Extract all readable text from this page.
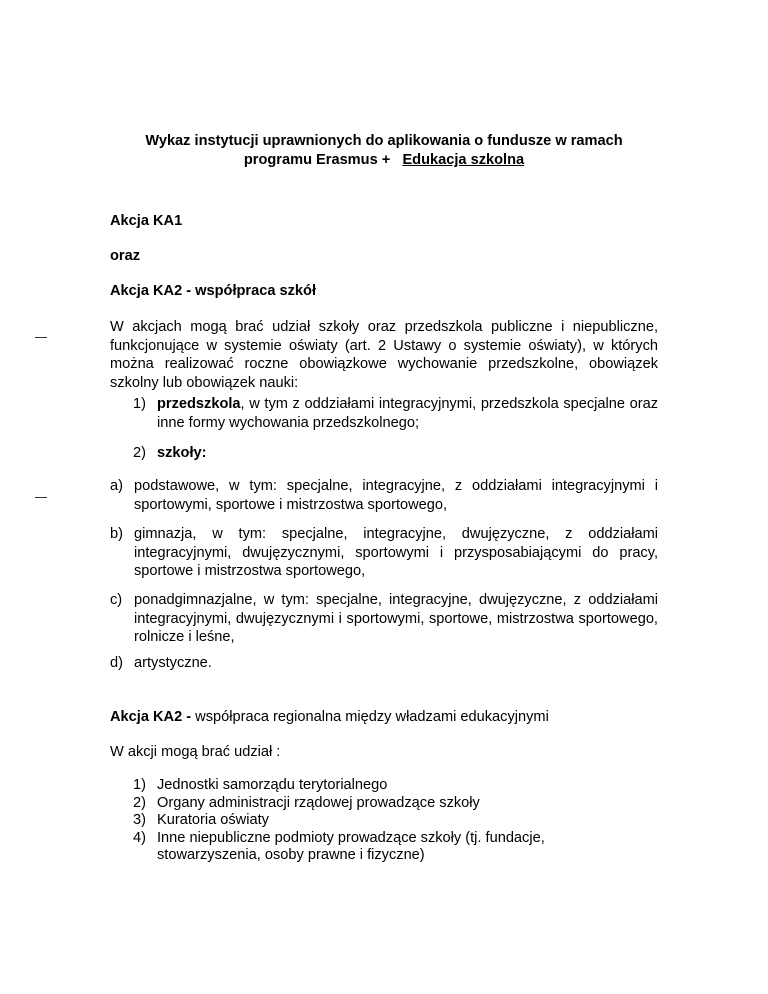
Wykaz instytucji uprawnionych do aplikowania o fundusze w ramach
programu Erasmus + Edukacja szkolna
Akcja KA1
oraz
Akcja KA2 - współpraca szkół
W akcjach mogą brać udział szkoły oraz przedszkola publiczne i niepubliczne, funkcjonujące w systemie oświaty (art. 2 Ustawy o systemie oświaty), w których można realizować roczne obowiązkowe wychowanie przedszkolne, obowiązek szkolny lub obowiązek nauki:
1) przedszkola, w tym z oddziałami integracyjnymi, przedszkola specjalne oraz inne formy wychowania przedszkolnego;
2) szkoły:
a) podstawowe, w tym: specjalne, integracyjne, z oddziałami integracyjnymi i sportowymi, sportowe i mistrzostwa sportowego,
b) gimnazja, w tym: specjalne, integracyjne, dwujęzyczne, z oddziałami integracyjnymi, dwujęzycznymi, sportowymi i przysposabiającymi do pracy, sportowe i mistrzostwa sportowego,
c) ponadgimnazjalne, w tym: specjalne, integracyjne, dwujęzyczne, z oddziałami integracyjnymi, dwujęzycznymi i sportowymi, sportowe, mistrzostwa sportowego, rolnicze i leśne,
d) artystyczne.
Akcja KA2 - współpraca regionalna między władzami edukacyjnymi
W akcji mogą brać udział :
1) Jednostki samorządu terytorialnego
2) Organy administracji rządowej prowadzące szkoły
3) Kuratoria oświaty
4) Inne niepubliczne podmioty prowadzące szkoły (tj. fundacje, stowarzyszenia, osoby prawne i fizyczne)
